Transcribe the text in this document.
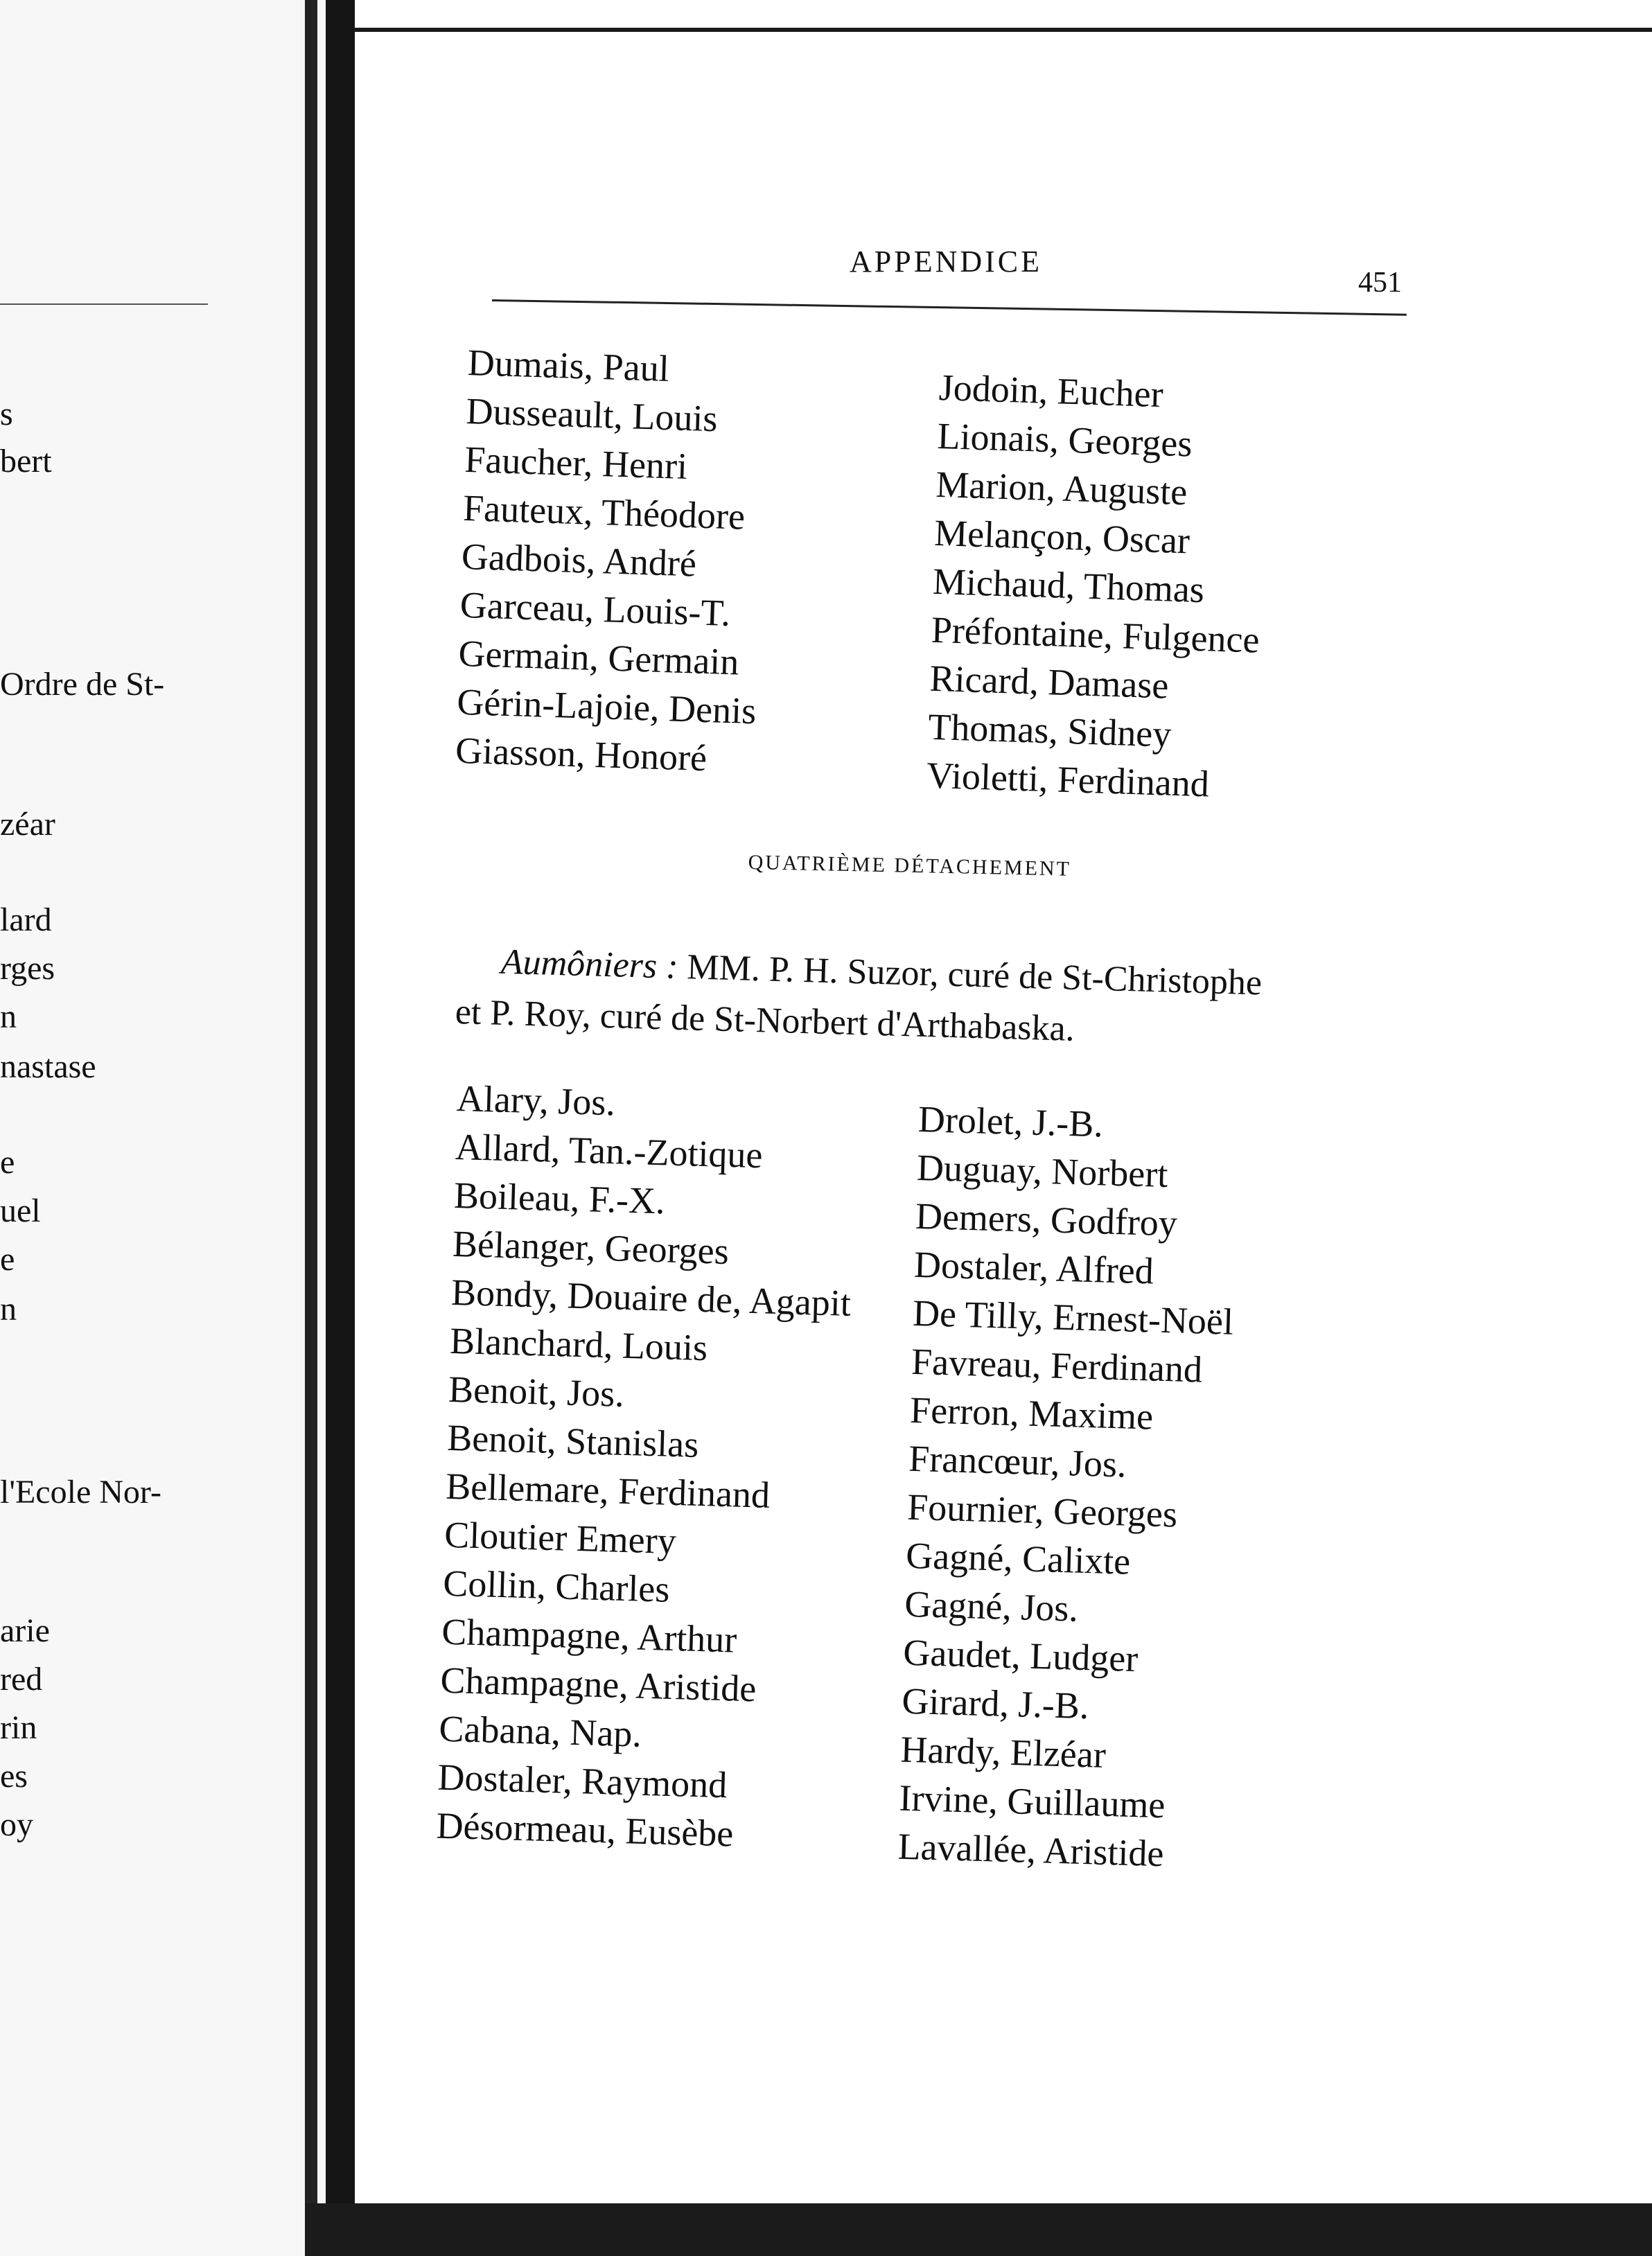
s
bert
Ordre de St-
zéar
lard
rges
n
nastase
e
uel
e
n
l'Ecole Nor-
arie
red
rin
es
oy
APPENDICE
451
Dumais, Paul
Dusseault, Louis
Faucher, Henri
Fauteux, Théodore
Gadbois, André
Garceau, Louis-T.
Germain, Germain
Gérin-Lajoie, Denis
Giasson, Honoré
Jodoin, Eucher
Lionais, Georges
Marion, Auguste
Melançon, Oscar
Michaud, Thomas
Préfontaine, Fulgence
Ricard, Damase
Thomas, Sidney
Violetti, Ferdinand
QUATRIÈME DÉTACHEMENT
Aumôniers : MM. P. H. Suzor, curé de St-Christophe
et P. Roy, curé de St-Norbert d'Arthabaska.
Alary, Jos.
Allard, Tan.-Zotique
Boileau, F.-X.
Bélanger, Georges
Bondy, Douaire de, Agapit
Blanchard, Louis
Benoit, Jos.
Benoit, Stanislas
Bellemare, Ferdinand
Cloutier Emery
Collin, Charles
Champagne, Arthur
Champagne, Aristide
Cabana, Nap.
Dostaler, Raymond
Désormeau, Eusèbe
Drolet, J.-B.
Duguay, Norbert
Demers, Godfroy
Dostaler, Alfred
De Tilly, Ernest-Noël
Favreau, Ferdinand
Ferron, Maxime
Francœur, Jos.
Fournier, Georges
Gagné, Calixte
Gagné, Jos.
Gaudet, Ludger
Girard, J.-B.
Hardy, Elzéar
Irvine, Guillaume
Lavallée, Aristide
